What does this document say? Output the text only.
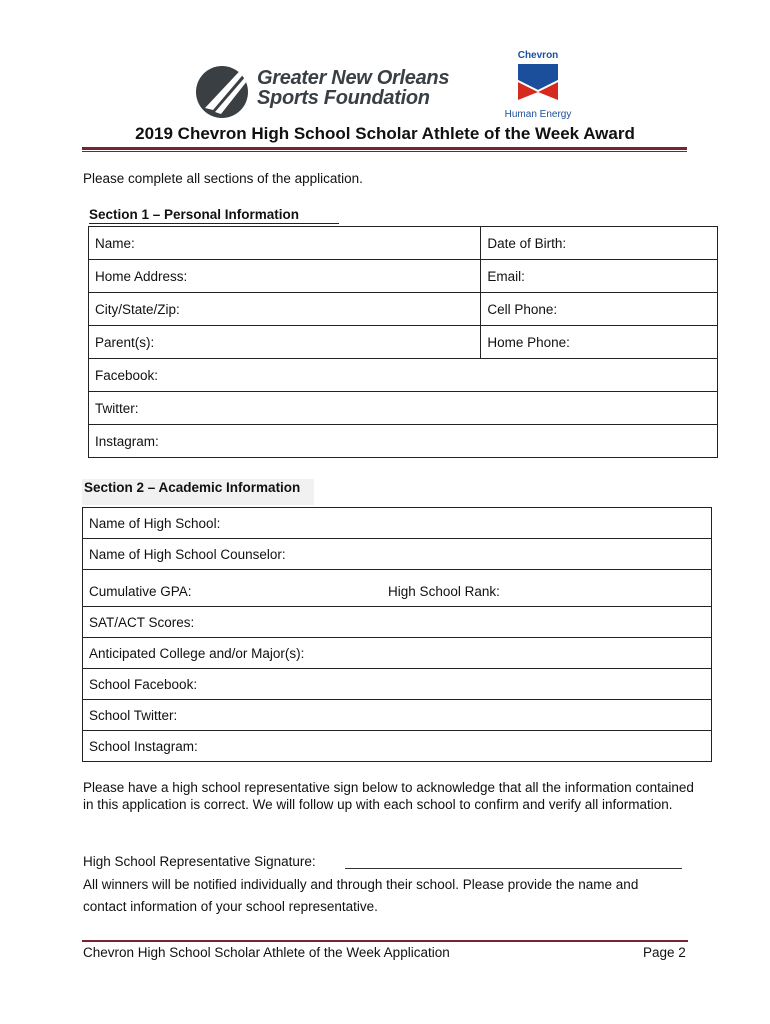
Greater New Orleans
Sports Foundation
Chevron
Human Energy
2019 Chevron High School Scholar Athlete of the Week Award
Please complete all sections of the application.
Section 1 – Personal Information
Name:	Date of Birth:
Home Address:	Email:
City/State/Zip:	Cell Phone:
Parent(s):	Home Phone:
Facebook:	
Twitter:	
Instagram:	
Section 2 – Academic Information
Name of High School:
Name of High School Counselor:
Cumulative GPA:	High School Rank:
SAT/ACT Scores:
Anticipated College and/or Major(s):
School Facebook:
School Twitter:
School Instagram:
Please have a high school representative sign below to acknowledge that all the information contained in this application is correct. We will follow up with each school to confirm and verify all information.
High School Representative Signature:
All winners will be notified individually and through their school. Please provide the name and contact information of your school representative.
Chevron High School Scholar Athlete of the Week Application	Page 2
